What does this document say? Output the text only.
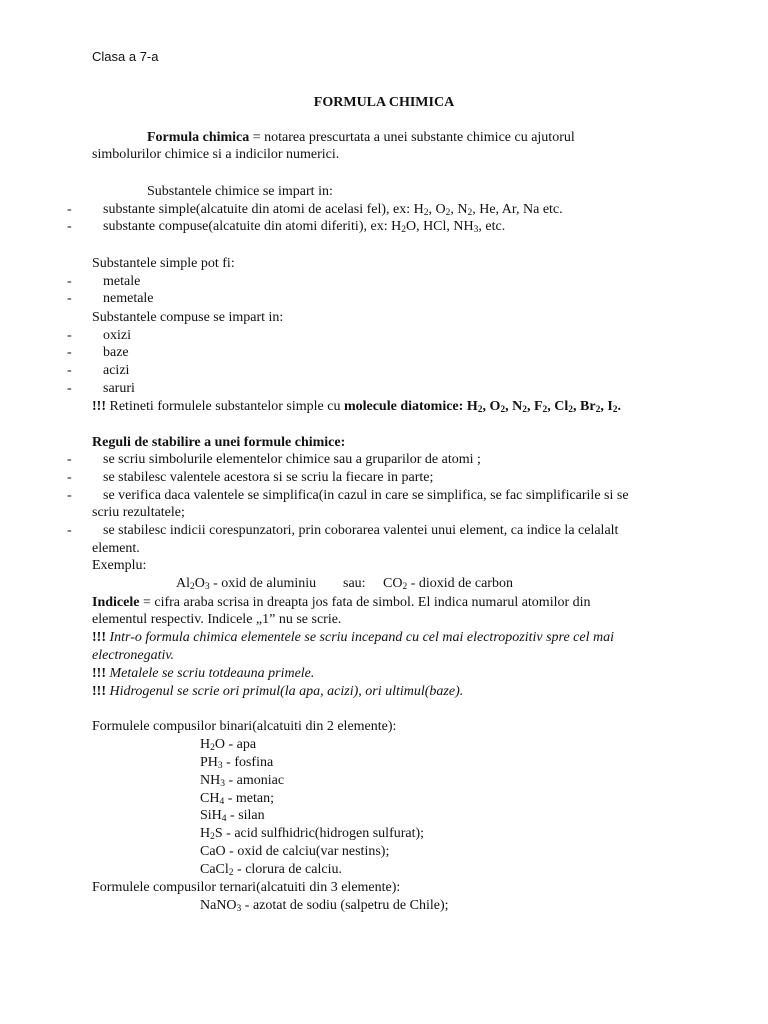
Clasa a 7-a
FORMULA CHIMICA
Formula chimica = notarea prescurtata a unei substante chimice cu ajutorul
simbolurilor chimice si a indicilor numerici.
Substantele chimice se impart in:
- substante simple(alcatuite din atomi de acelasi fel), ex: $H_2$, $O_2$, $N_2$, He, Ar, Na etc.
- substante compuse(alcatuite din atomi diferiti), ex: $H_2O$, HCl, $NH_3$, etc.
Substantele simple pot fi:
- metale
- nemetale
Substantele compuse se impart in:
- oxizi
- baze
- acizi
- saruri
!!! Retineti formulele substantelor simple cu molecule diatomice: $H_2$, $O_2$, $N_2$, $F_2$, $Cl_2$, $Br_2$, $I_2$.
Reguli de stabilire a unei formule chimice:
- se scriu simbolurile elementelor chimice sau a gruparilor de atomi ;
- se stabilesc valentele acestora si se scriu la fiecare in parte;
- se verifica daca valentele se simplifica(in cazul in care se simplifica, se fac simplificarile si se
scriu rezultatele;
- se stabilesc indicii corespunzatori, prin coborarea valentei unui element, ca indice la celalalt
element.
Exemplu:
$Al_2O_3$ - oxid de aluminiu sau: $CO_2$ - dioxid de carbon
Indicele = cifra araba scrisa in dreapta jos fata de simbol. El indica numarul atomilor din
elementul respectiv. Indicele „1” nu se scrie.
!!! Intr-o formula chimica elementele se scriu incepand cu cel mai electropozitiv spre cel mai
electronegativ.
!!! Metalele se scriu totdeauna primele.
!!! Hidrogenul se scrie ori primul(la apa, acizi), ori ultimul(baze).
Formulele compusilor binari(alcatuiti din 2 elemente):
$H_2O$ - apa
$PH_3$ - fosfina
$NH_3$ - amoniac
$CH_4$ - metan;
SiH$_4$ - silan
$H_2S$ - acid sulfhidric(hidrogen sulfurat);
CaO - oxid de calciu(var nestins);
CaCl$_2$ - clorura de calciu.
Formulele compusilor ternari(alcatuiti din 3 elemente):
NaNO$_3$ - azotat de sodiu (salpetru de Chile);
